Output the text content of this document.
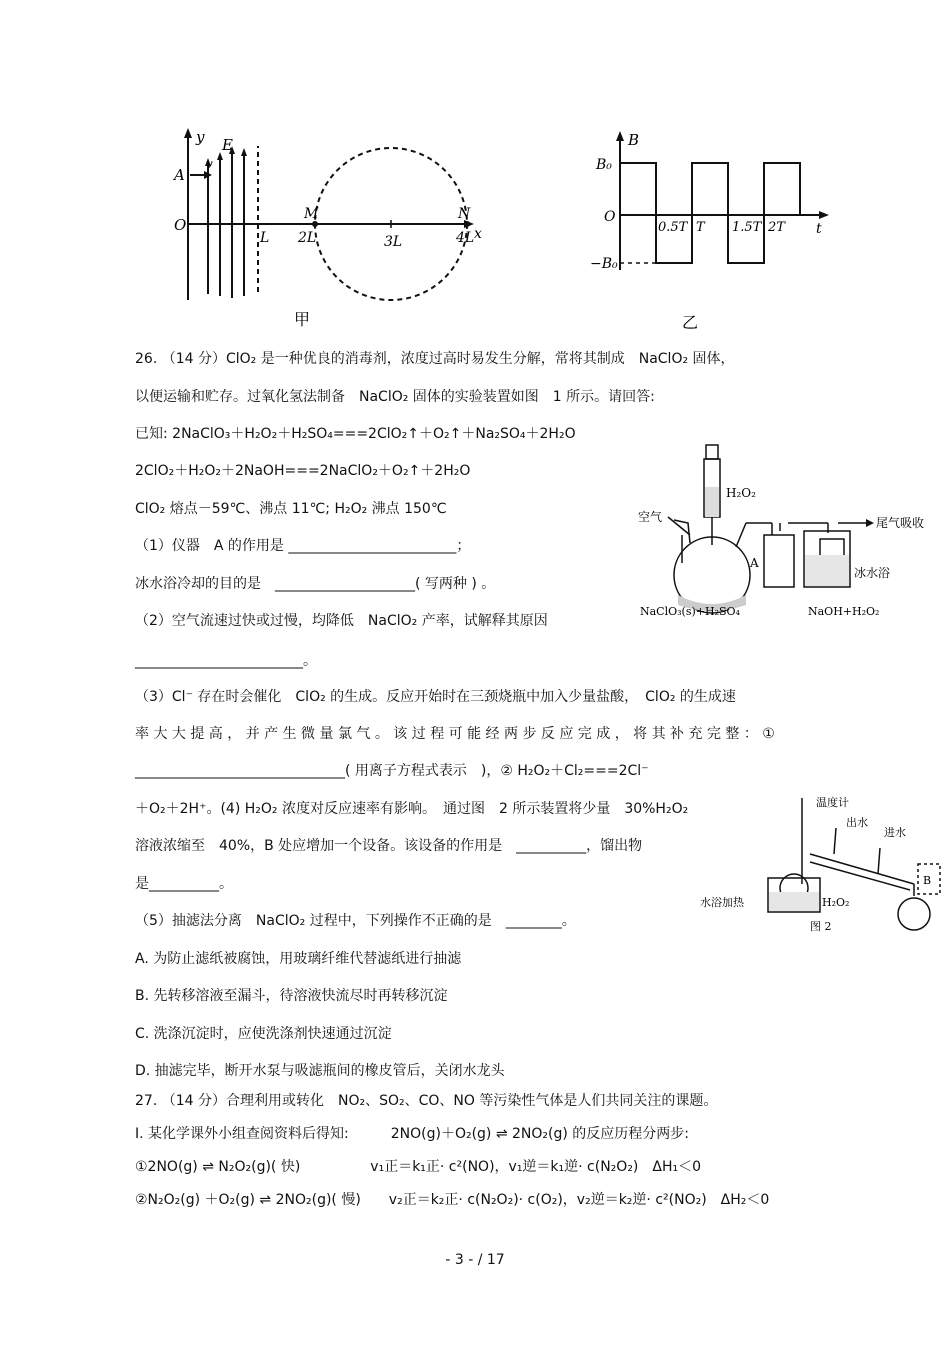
y
A
E
v
O
L
M
2L	3L
N
4L x
甲
B
B₀
O
−B₀
0.5T T 1.5T 2T t
乙
空气
H₂O₂
A
尾气吸收
冰水浴
NaClO₃(s)+H₂SO₄	NaOH+H₂O₂
温度计
出水
进水
B
水浴加热	H₂O₂
图 2
26. （14 分）ClO₂ 是一种优良的消毒剂，浓度过高时易发生分解，常将其制成　NaClO₂ 固体，
以便运输和贮存。过氧化氢法制备　NaClO₂ 固体的实验装置如图　1 所示。请回答:
已知: 2NaClO₃＋H₂O₂＋H₂SO₄===2ClO₂↑＋O₂↑＋Na₂SO₄＋2H₂O
2ClO₂＋H₂O₂＋2NaOH===2NaClO₂＋O₂↑＋2H₂O
ClO₂ 熔点－59℃、沸点 11℃; H₂O₂ 沸点 150℃
（1）仪器　A 的作用是 ________________________；
冰水浴冷却的目的是　____________________( 写两种 ) 。
（2）空气流速过快或过慢，均降低　NaClO₂ 产率，试解释其原因
________________________。
（3）Cl⁻ 存在时会催化　ClO₂ 的生成。反应开始时在三颈烧瓶中加入少量盐酸，　ClO₂ 的生成速
率 大 大 提 高 ， 并 产 生 微 量 氯 气 。 该 过 程 可 能 经 两 步 反 应 完 成 ， 将 其 补 充 完 整 ： ①
______________________________( 用离子方程式表示　)，② H₂O₂＋Cl₂===2Cl⁻
＋O₂＋2H⁺。(4) H₂O₂ 浓度对反应速率有影响。　通过图　2 所示装置将少量　30%H₂O₂
溶液浓缩至　40%，B 处应增加一个设备。该设备的作用是　__________，馏出物
是__________。
（5）抽滤法分离　NaClO₂ 过程中，下列操作不正确的是　________。
A. 为防止滤纸被腐蚀，用玻璃纤维代替滤纸进行抽滤
B. 先转移溶液至漏斗，待溶液快流尽时再转移沉淀
C. 洗涤沉淀时，应使洗涤剂快速通过沉淀
D. 抽滤完毕，断开水泵与吸滤瓶间的橡皮管后，关闭水龙头
27. （14 分）合理利用或转化　NO₂、SO₂、CO、NO 等污染性气体是人们共同关注的课题。
Ⅰ. 某化学课外小组查阅资料后得知:　　　2NO(g)＋O₂(g) ⇌ 2NO₂(g) 的反应历程分两步:
①2NO(g) ⇌ N₂O₂(g)( 快)　　　　　v₁正＝k₁正· c²(NO)，v₁逆＝k₁逆· c(N₂O₂)　ΔH₁＜0
②N₂O₂(g) ＋O₂(g) ⇌ 2NO₂(g)( 慢)　　v₂正＝k₂正· c(N₂O₂)· c(O₂)，v₂逆＝k₂逆· c²(NO₂)　ΔH₂＜0
- 3 - / 17
